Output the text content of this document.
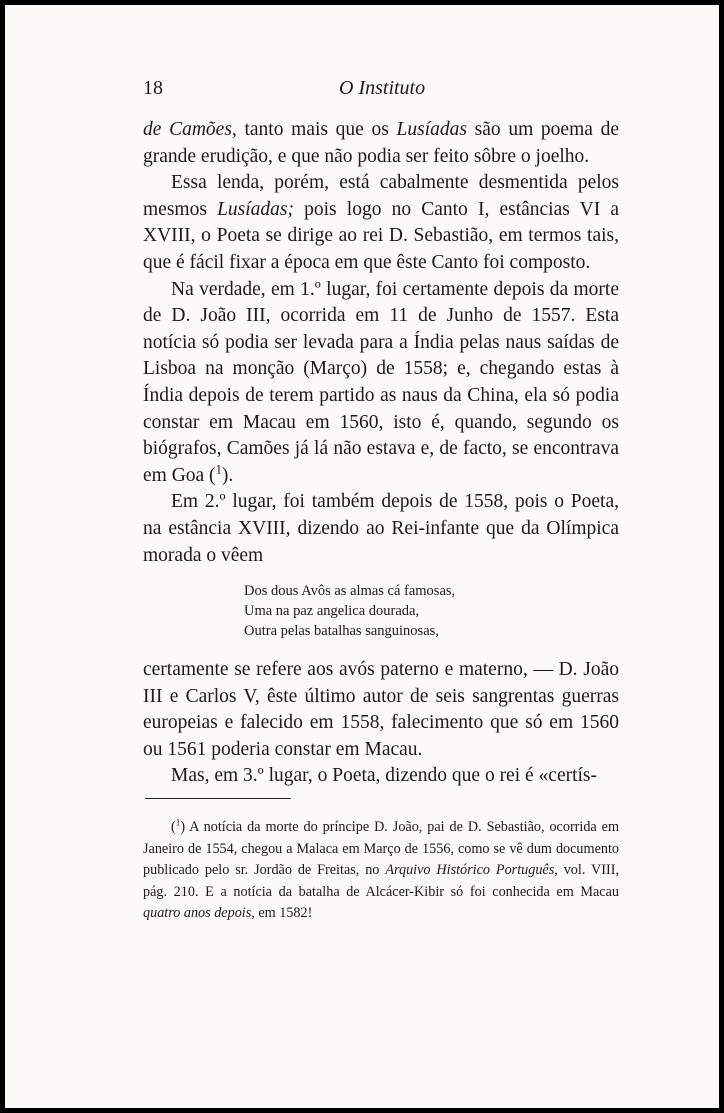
18	O Instituto

de Camões, tanto mais que os Lusíadas são um poema de grande erudição, e que não podia ser feito sôbre o joelho.

Essa lenda, porém, está cabalmente desmentida pelos mesmos Lusíadas; pois logo no Canto I, estâncias VI a XVIII, o Poeta se dirige ao rei D. Sebastião, em termos tais, que é fácil fixar a época em que êste Canto foi composto.

Na verdade, em 1.º lugar, foi certamente depois da morte de D. João III, ocorrida em 11 de Junho de 1557. Esta notícia só podia ser levada para a Índia pelas naus saídas de Lisboa na monção (Março) de 1558; e, chegando estas à Índia depois de terem partido as naus da China, ela só podia constar em Macau em 1560, isto é, quando, segundo os biógrafos, Camões já lá não estava e, de facto, se encontrava em Goa ($^1$).

Em 2.º lugar, foi também depois de 1558, pois o Poeta, na estância XVIII, dizendo ao Rei-infante que da Olímpica morada o vêem

Dos dous Avôs as almas cá famosas,
Uma na paz angelica dourada,
Outra pelas batalhas sanguinosas,

certamente se refere aos avós paterno e materno, — D. João III e Carlos V, êste último autor de seis sangrentas guerras europeias e falecido em 1558, falecimento que só em 1560 ou 1561 poderia constar em Macau.

Mas, em 3.º lugar, o Poeta, dizendo que o rei é «certís-

($^1$) A notícia da morte do príncipe D. João, pai de D. Sebastião, ocorrida em Janeiro de 1554, chegou a Malaca em Março de 1556, como se vê dum documento publicado pelo sr. Jordão de Freitas, no Arquivo Histórico Português, vol. VIII, pág. 210. E a notícia da batalha de Alcácer-Kibir só foi conhecida em Macau quatro anos depois, em 1582!
